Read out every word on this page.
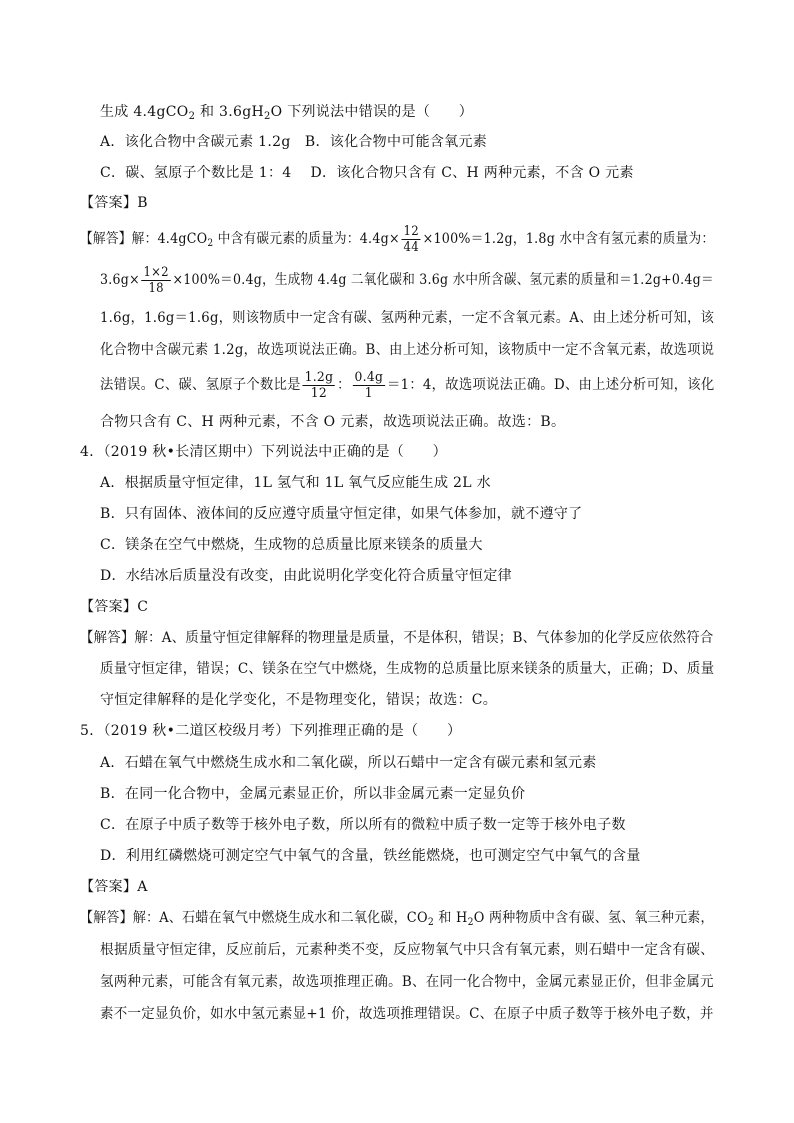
生成 4.4gCO$_2$ 和 $3.6gH_2O$ 下列说法中错误的是（　　）
A．该化合物中含碳元素 1.2g　B．该化合物中可能含氧元素
C．碳、氢原子个数比是 1：4　 D．该化合物只含有 C、H 两种元素，不含 O 元素
【答案】B
【解答】解：4.4gCO$_2$ 中含有碳元素的质量为：$4.4g\times \frac{12}{44} \times 100\%=1.2g$，1.8g 水中含有氢元素的质量为：
$3.6g\times \frac{1\times 2}{18} \times 100\%=0.4g$，生成物 4.4g 二氧化碳和 3.6g 水中所含碳、氢元素的质量和＝1.2g+0.4g＝
1.6g，1.6g＝1.6g，则该物质中一定含有碳、氢两种元素，一定不含氧元素。A、由上述分析可知，该
化合物中含碳元素 1.2g，故选项说法正确。B、由上述分析可知，该物质中一定不含氧元素，故选项说
法错误。C、碳、氢原子个数比是 $\frac{1.2g}{12}$ ： $\frac{0.4g}{1} =1$：4，故选项说法正确。D、由上述分析可知，该化
合物只含有 C、H 两种元素，不含 O 元素，故选项说法正确。故选：B。
4．（2019 秋•长清区期中）下列说法中正确的是（　　）
A．根据质量守恒定律，1L 氢气和 1L 氧气反应能生成 2L 水
B．只有固体、液体间的反应遵守质量守恒定律，如果气体参加，就不遵守了
C．镁条在空气中燃烧，生成物的总质量比原来镁条的质量大
D．水结冰后质量没有改变，由此说明化学变化符合质量守恒定律
【答案】C
【解答】解：A、质量守恒定律解释的物理量是质量，不是体积，错误；B、气体参加的化学反应依然符合
质量守恒定律，错误；C、镁条在空气中燃烧，生成物的总质量比原来镁条的质量大，正确；D、质量
守恒定律解释的是化学变化，不是物理变化，错误；故选：C。
5．（2019 秋•二道区校级月考）下列推理正确的是（　　）
A．石蜡在氧气中燃烧生成水和二氧化碳，所以石蜡中一定含有碳元素和氢元素
B．在同一化合物中，金属元素显正价，所以非金属元素一定显负价
C．在原子中质子数等于核外电子数，所以所有的微粒中质子数一定等于核外电子数
D．利用红磷燃烧可测定空气中氧气的含量，铁丝能燃烧，也可测定空气中氧气的含量
【答案】A
【解答】解：A、石蜡在氧气中燃烧生成水和二氧化碳，$CO_2$ 和 $H_2O$ 两种物质中含有碳、氢、氧三种元素，
根据质量守恒定律，反应前后，元素种类不变，反应物氧气中只含有氧元素，则石蜡中一定含有碳、
氢两种元素，可能含有氧元素，故选项推理正确。B、在同一化合物中，金属元素显正价，但非金属元
素不一定显负价，如水中氢元素显+1 价，故选项推理错误。C、在原子中质子数等于核外电子数，并
